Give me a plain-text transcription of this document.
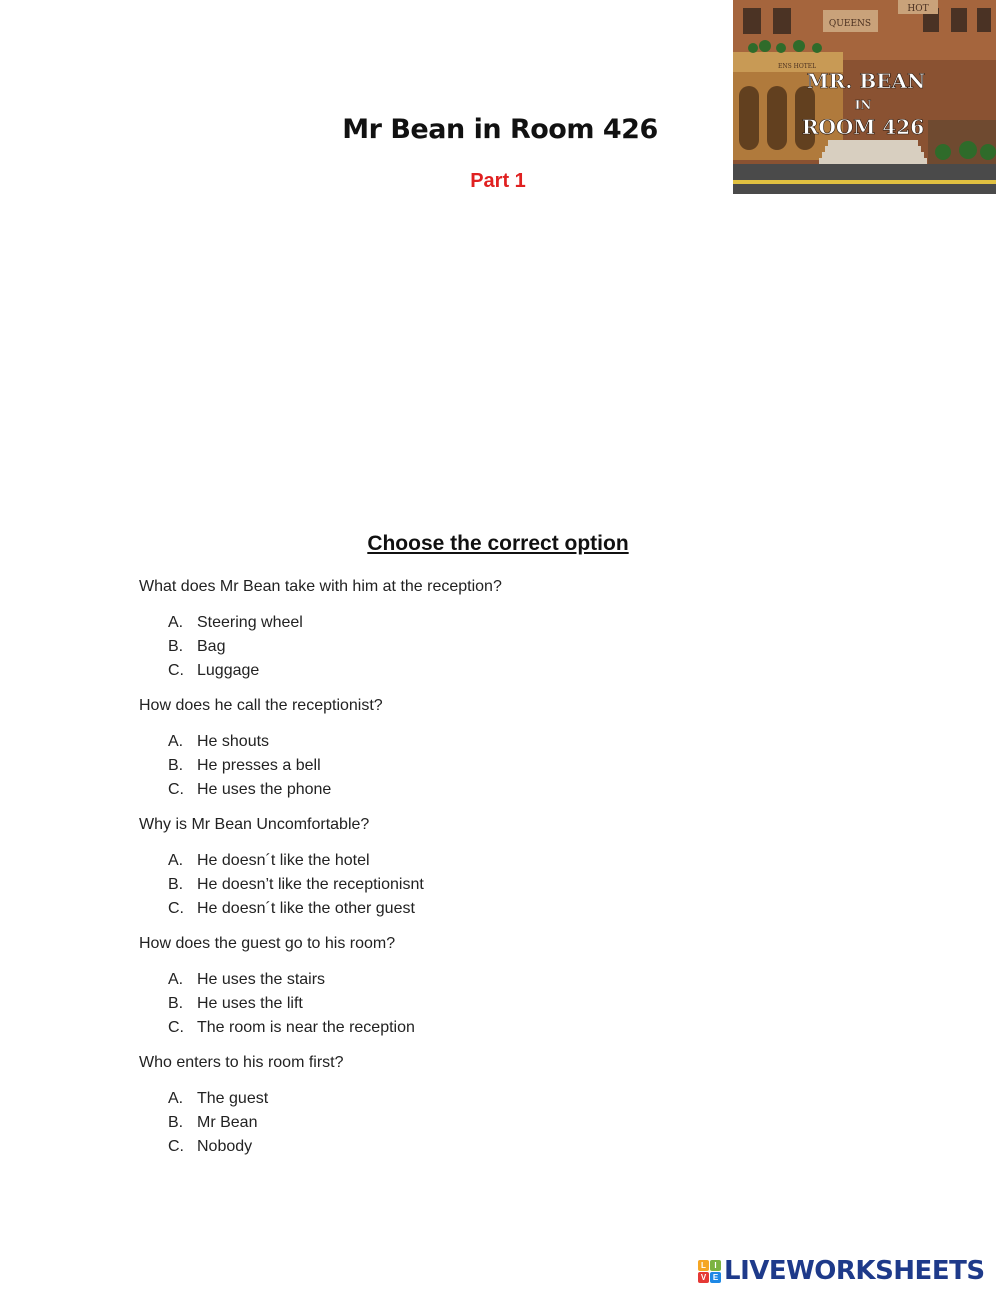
Mr Bean in Room 426
Part 1
QUEENS
HOT
ENS HOTEL
MR. BEAN
IN
ROOM 426
Choose the correct option
What does Mr Bean take with him at the reception?
A. Steering wheel
B. Bag
C. Luggage
How does he call the receptionist?
A. He shouts
B. He presses a bell
C. He uses the phone
Why is Mr Bean Uncomfortable?
A. He doesn´t like the hotel
B. He doesn’t like the receptionisnt
C. He doesn´t like the other guest
How does the guest go to his room?
A. He uses the stairs
B. He uses the lift
C. The room is near the reception
Who enters to his room first?
A. The guest
B. Mr Bean
C. Nobody
L	I
V E LIVEWORKSHEETS
